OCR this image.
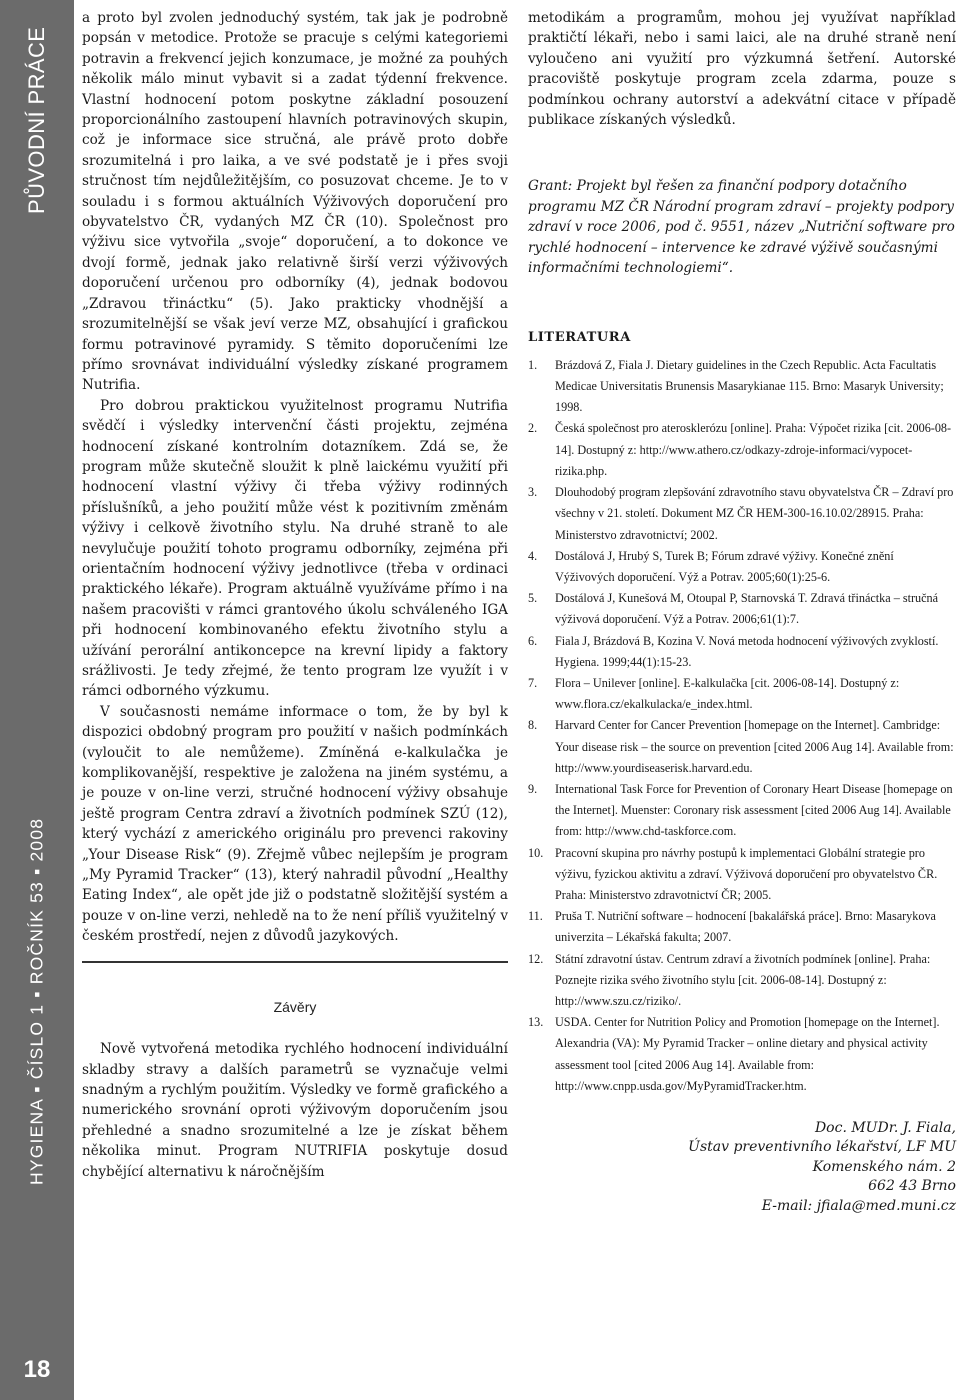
PŮVODNÍ PRÁCE
HYGIENA ▪ ČÍSLO 1 ▪ ROČNÍK 53 ▪ 2008
18

a proto byl zvolen jednoduchý systém, tak jak je podrobně popsán v metodice. Protože se pracuje s celými kategoriemi potravin a frekvencí jejich konzumace, je možné za pouhých několik málo minut vybavit si a zadat týdenní frekvence. Vlastní hodnocení potom poskytne základní posouzení proporcionálního zastoupení hlavních potravinových skupin, což je informace sice stručná, ale právě proto dobře srozumitelná i pro laika, a ve své podstatě je i přes svoji stručnost tím nejdůležitějším, co posuzovat chceme. Je to v souladu i s formou aktuálních Výživových doporučení pro obyvatelstvo ČR, vydaných MZ ČR (10). Společnost pro výživu sice vytvořila „svoje“ doporučení, a to dokonce ve dvojí formě, jednak jako relativně širší verzi výživových doporučení určenou pro odborníky (4), jednak bodovou „Zdravou třináctku“ (5). Jako prakticky vhodnější a srozumitelnější se však jeví verze MZ, obsahující i grafickou formu potravinové pyramidy. S těmito doporučeními lze přímo srovnávat individuální výsledky získané programem Nutrifia.

Pro dobrou praktickou využitelnost programu Nutrifia svědčí i výsledky intervenční části projektu, zejména hodnocení získané kontrolním dotazníkem. Zdá se, že program může skutečně sloužit k plně laickému využití při hodnocení vlastní výživy či třeba výživy rodinných příslušníků, a jeho použití může vést k pozitivním změnám výživy i celkově životního stylu. Na druhé straně to ale nevylučuje použití tohoto programu odborníky, zejména při orientačním hodnocení výživy jednotlivce (třeba v ordinaci praktického lékaře). Program aktuálně využíváme přímo i na našem pracovišti v rámci grantového úkolu schváleného IGA při hodnocení kombinovaného efektu životního stylu a užívání perorální antikoncepce na krevní lipidy a faktory srážlivosti. Je tedy zřejmé, že tento program lze využít i v rámci odborného výzkumu.

V současnosti nemáme informace o tom, že by byl k dispozici obdobný program pro použití v našich podmínkách (vyloučit to ale nemůžeme). Zmíněná e-kalkulačka je komplikovanější, respektive je založena na jiném systému, a je pouze v on-line verzi, stručné hodnocení výživy obsahuje ještě program Centra zdraví a životních podmínek SZÚ (12), který vychází z amerického originálu pro prevenci rakoviny „Your Disease Risk“ (9). Zřejmě vůbec nejlepším je program „My Pyramid Tracker“ (13), který nahradil původní „Healthy Eating Index“, ale opět jde již o podstatně složitější systém a pouze v on-line verzi, nehledě na to že není příliš využitelný v českém prostředí, nejen z důvodů jazykových.

Závěry

Nově vytvořená metodika rychlého hodnocení individuální skladby stravy a dalších parametrů se vyznačuje velmi snadným a rychlým použitím. Výsledky ve formě grafického a numerického srovnání oproti výživovým doporučením jsou přehledné a snadno srozumitelné a lze je získat během několika minut. Program NUTRIFIA poskytuje dosud chybějící alternativu k náročnějším

metodikám a programům, mohou jej využívat například praktičtí lékaři, nebo i sami laici, ale na druhé straně není vyloučeno ani využití pro výzkumná šetření. Autorské pracoviště poskytuje program zcela zdarma, pouze s podmínkou ochrany autorství a adekvátní citace v případě publikace získaných výsledků.

Grant: Projekt byl řešen za finanční podpory dotačního programu MZ ČR Národní program zdraví – projekty podpory zdraví v roce 2006, pod č. 9551, název „Nutriční software pro rychlé hodnocení – intervence ke zdravé výživě současnými informačními technologiemi“.

LITERATURA
1. Brázdová Z, Fiala J. Dietary guidelines in the Czech Republic. Acta Facultatis Medicae Universitatis Brunensis Masarykianae 115. Brno: Masaryk University; 1998.
2. Česká společnost pro aterosklerózu [online]. Praha: Výpočet rizika [cit. 2006-08-14]. Dostupný z: http://www.athero.cz/odkazy-zdroje-informaci/vypocet-rizika.php.
3. Dlouhodobý program zlepšování zdravotního stavu obyvatelstva ČR – Zdraví pro všechny v 21. století. Dokument MZ ČR HEM-300-16.10.02/28915. Praha: Ministerstvo zdravotnictví; 2002.
4. Dostálová J, Hrubý S, Turek B; Fórum zdravé výživy. Konečné znění Výživových doporučení. Výž a Potrav. 2005;60(1):25-6.
5. Dostálová J, Kunešová M, Otoupal P, Starnovská T. Zdravá třináctka – stručná výživová doporučení. Výž a Potrav. 2006;61(1):7.
6. Fiala J, Brázdová B, Kozina V. Nová metoda hodnocení výživových zvyklostí. Hygiena. 1999;44(1):15-23.
7. Flora – Unilever [online]. E-kalkulačka [cit. 2006-08-14]. Dostupný z: www.flora.cz/ekalkulacka/e_index.html.
8. Harvard Center for Cancer Prevention [homepage on the Internet]. Cambridge: Your disease risk – the source on prevention [cited 2006 Aug 14]. Available from: http://www.yourdiseaserisk.harvard.edu.
9. International Task Force for Prevention of Coronary Heart Disease [homepage on the Internet]. Muenster: Coronary risk assessment [cited 2006 Aug 14]. Available from: http://www.chd-taskforce.com.
10. Pracovní skupina pro návrhy postupů k implementaci Globální strategie pro výživu, fyzickou aktivitu a zdraví. Výživová doporučení pro obyvatelstvo ČR. Praha: Ministerstvo zdravotnictví ČR; 2005.
11. Pruša T. Nutriční software – hodnocení [bakalářská práce]. Brno: Masarykova univerzita – Lékařská fakulta; 2007.
12. Státní zdravotní ústav. Centrum zdraví a životních podmínek [online]. Praha: Poznejte rizika svého životního stylu [cit. 2006-08-14]. Dostupný z: http://www.szu.cz/riziko/.
13. USDA. Center for Nutrition Policy and Promotion [homepage on the Internet]. Alexandria (VA): My Pyramid Tracker – online dietary and physical activity assessment tool [cited 2006 Aug 14]. Available from: http://www.cnpp.usda.gov/MyPyramidTracker.htm.
Doc. MUDr. J. Fiala,
Ústav preventivního lékařství, LF MU
Komenského nám. 2
662 43 Brno
E-mail: jfiala@med.muni.cz
